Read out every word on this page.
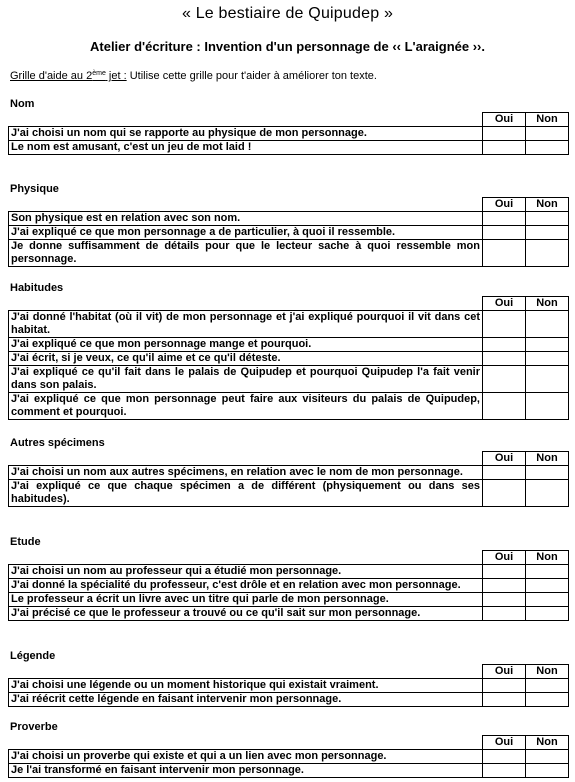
« Le bestiaire de Quipudep »
Atelier d'écriture : Invention d'un personnage de ‹‹ L'araignée ››.
Grille d'aide au 2ème jet : Utilise cette grille pour t'aider à améliorer ton texte.
Nom
	Oui	Non
J'ai choisi un nom qui se rapporte au physique de mon personnage.		
Le nom est amusant, c'est un jeu de mot laid !		
Physique
	Oui	Non
Son physique est en relation avec son nom.		
J'ai expliqué ce que mon personnage a de particulier, à quoi il ressemble.		
Je donne suffisamment de détails pour que le lecteur sache à quoi ressemble mon personnage.		
Habitudes
	Oui	Non
J'ai donné l'habitat (où il vit) de mon personnage et j'ai expliqué pourquoi il vit dans cet habitat.		
J'ai expliqué ce que mon personnage mange et pourquoi.		
J'ai écrit, si je veux, ce qu'il aime et ce qu'il déteste.		
J'ai expliqué ce qu'il fait dans le palais de Quipudep et pourquoi Quipudep l'a fait venir dans son palais.		
J'ai expliqué ce que mon personnage peut faire aux visiteurs du palais de Quipudep, comment et pourquoi.		
Autres spécimens
	Oui	Non
J'ai choisi un nom aux autres spécimens, en relation avec le nom de mon personnage.		
J'ai expliqué ce que chaque spécimen a de différent (physiquement ou dans ses habitudes).		
Etude
	Oui	Non
J'ai choisi un nom au professeur qui a étudié mon personnage.		
J'ai donné la spécialité du professeur, c'est drôle et en relation avec mon personnage.		
Le professeur a écrit un livre avec un titre qui parle de mon personnage.		
J'ai précisé ce que le professeur a trouvé ou ce qu'il sait sur mon personnage.		
Légende
	Oui	Non
J'ai choisi une légende ou un moment historique qui existait vraiment.		
J'ai réécrit cette légende en faisant intervenir mon personnage.		
Proverbe
	Oui	Non
J'ai choisi un proverbe qui existe et qui a un lien avec mon personnage.		
Je l'ai transformé en faisant intervenir mon personnage.		
